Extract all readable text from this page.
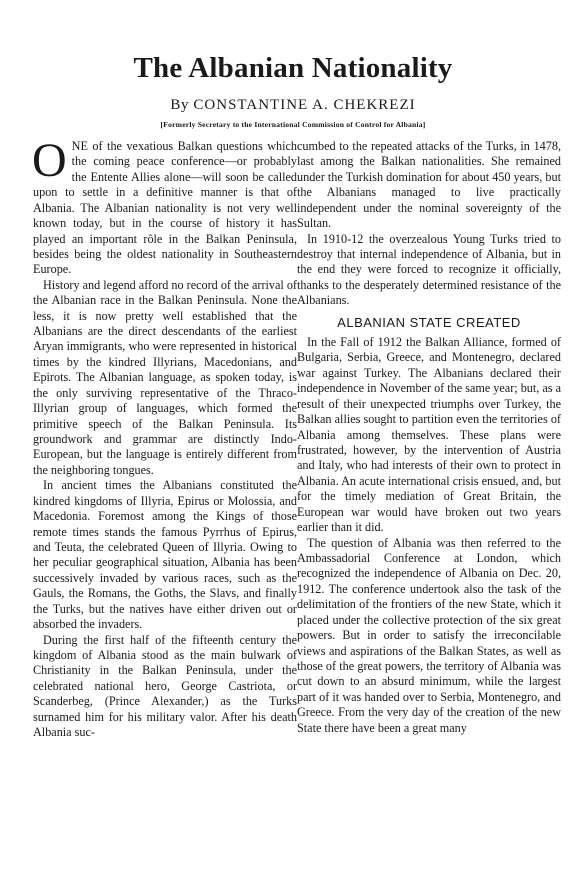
The Albanian Nationality
By CONSTANTINE A. CHEKREZI
[Formerly Secretary to the International Commission of Control for Albania]

ONE of the vexatious Balkan questions which the coming peace conference—or probably the Entente Allies alone—will soon be called upon to settle in a definitive manner is that of Albania. The Albanian nationality is not very well known today, but in the course of history it has played an important rôle in the Balkan Peninsula, besides being the oldest nationality in Southeastern Europe.

History and legend afford no record of the arrival of the Albanian race in the Balkan Peninsula. None the less, it is now pretty well established that the Albanians are the direct descendants of the earliest Aryan immigrants, who were represented in historical times by the kindred Illyrians, Macedonians, and Epirots. The Albanian language, as spoken today, is the only surviving representative of the Thraco-Illyrian group of languages, which formed the primitive speech of the Balkan Peninsula. Its groundwork and grammar are distinctly Indo-European, but the language is entirely different from the neighboring tongues.

In ancient times the Albanians constituted the kindred kingdoms of Illyria, Epirus or Molossia, and Macedonia. Foremost among the Kings of those remote times stands the famous Pyrrhus of Epirus, and Teuta, the celebrated Queen of Illyria. Owing to her peculiar geographical situation, Albania has been successively invaded by various races, such as the Gauls, the Romans, the Goths, the Slavs, and finally the Turks, but the natives have either driven out or absorbed the invaders.

During the first half of the fifteenth century the kingdom of Albania stood as the main bulwark of Christianity in the Balkan Peninsula, under the celebrated national hero, George Castriota, or Scanderbeg, (Prince Alexander,) as the Turks surnamed him for his military valor. After his death Albania suc-

cumbed to the repeated attacks of the Turks, in 1478, last among the Balkan nationalities. She remained under the Turkish domination for about 450 years, but the Albanians managed to live practically independent under the nominal sovereignty of the Sultan.

In 1910-12 the overzealous Young Turks tried to destroy that internal independence of Albania, but in the end they were forced to recognize it officially, thanks to the desperately determined resistance of the Albanians.

ALBANIAN STATE CREATED

In the Fall of 1912 the Balkan Alliance, formed of Bulgaria, Serbia, Greece, and Montenegro, declared war against Turkey. The Albanians declared their independence in November of the same year; but, as a result of their unexpected triumphs over Turkey, the Balkan allies sought to partition even the territories of Albania among themselves. These plans were frustrated, however, by the intervention of Austria and Italy, who had interests of their own to protect in Albania. An acute international crisis ensued, and, but for the timely mediation of Great Britain, the European war would have broken out two years earlier than it did.

The question of Albania was then referred to the Ambassadorial Conference at London, which recognized the independence of Albania on Dec. 20, 1912. The conference undertook also the task of the delimitation of the frontiers of the new State, which it placed under the collective protection of the six great powers. But in order to satisfy the irreconcilable views and aspirations of the Balkan States, as well as those of the great powers, the territory of Albania was cut down to an absurd minimum, while the largest part of it was handed over to Serbia, Montenegro, and Greece. From the very day of the creation of the new State there have been a great many
